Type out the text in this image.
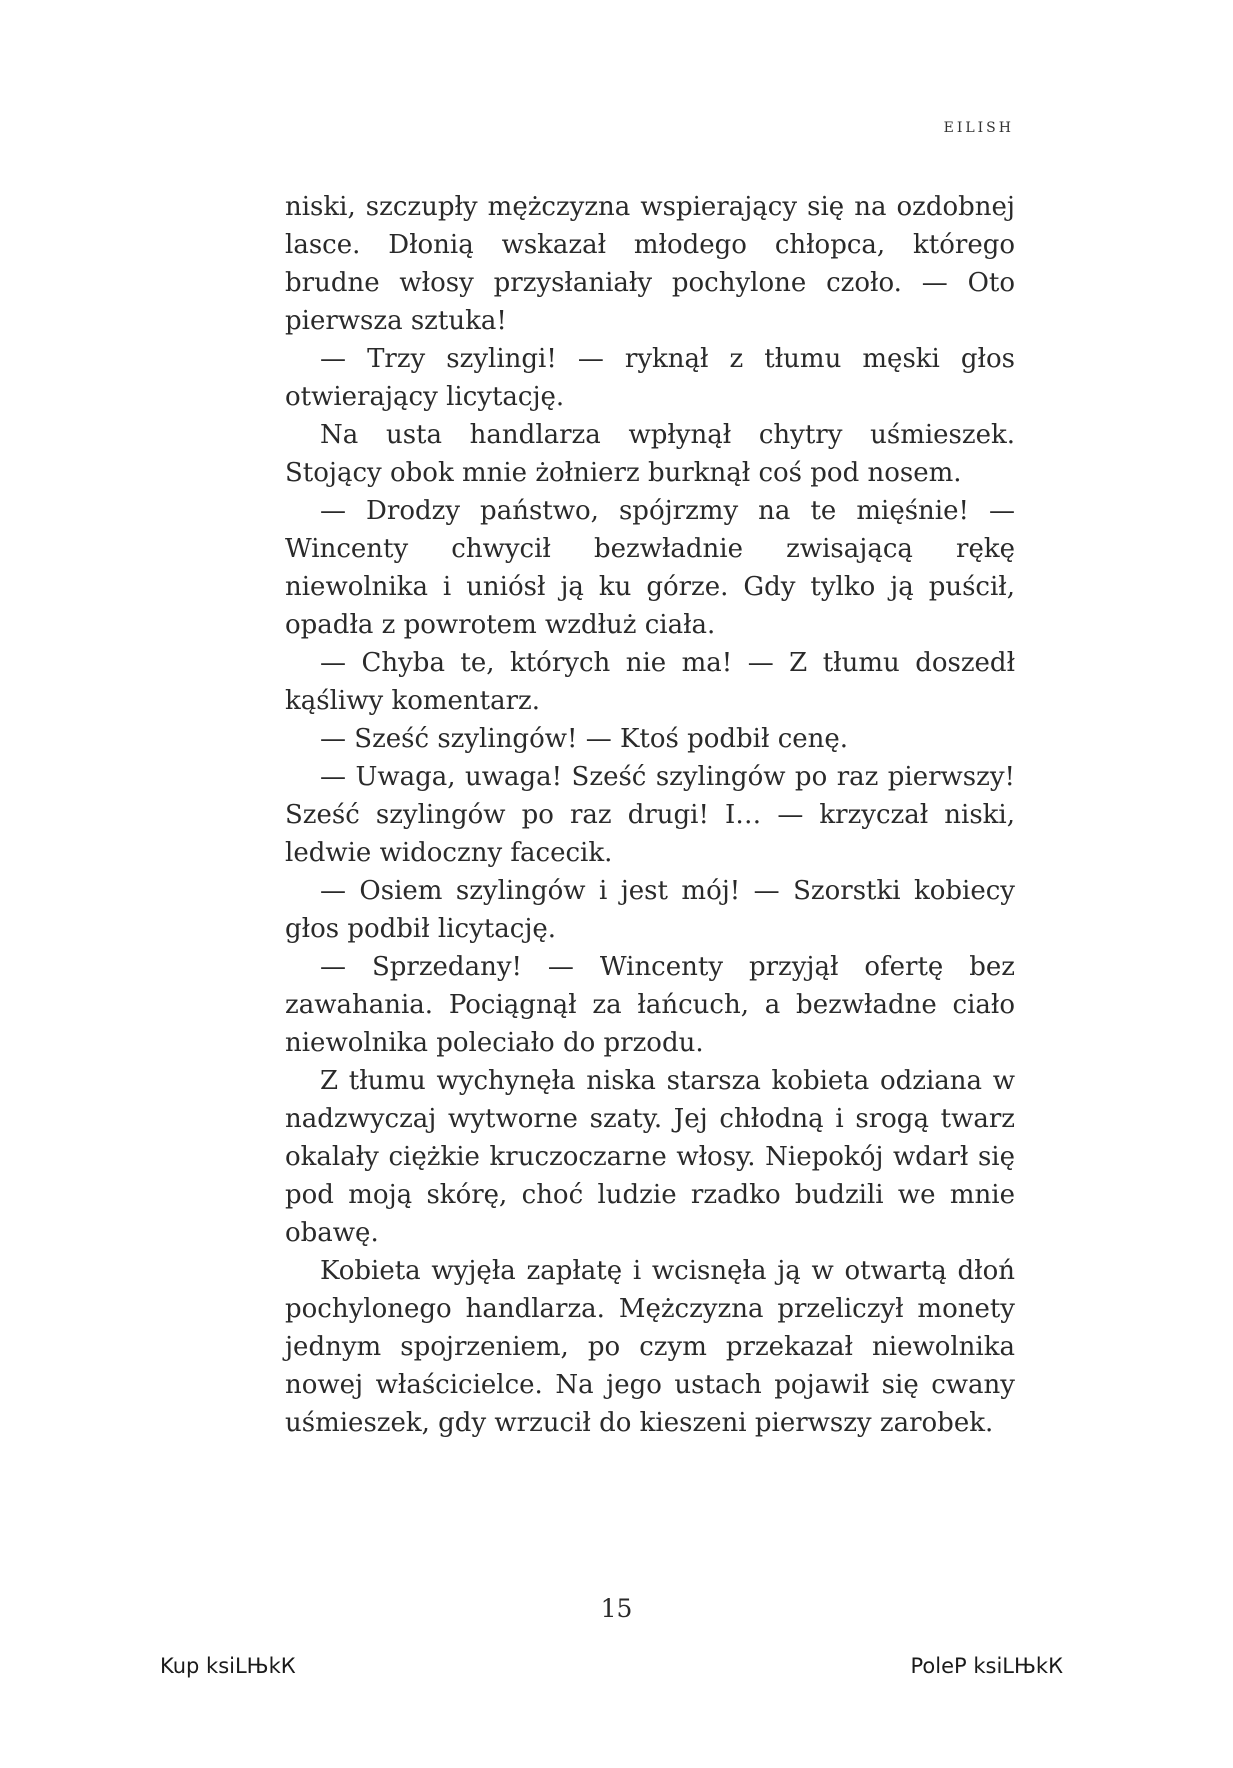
EILISH

niski, szczupły mężczyzna wspierający się na ozdobnej lasce. Dłonią wskazał młodego chłopca, którego brudne włosy przysłaniały pochylone czoło. — Oto pierwsza sztuka!

— Trzy szylingi! — ryknął z tłumu męski głos otwierający licytację.

Na usta handlarza wpłynął chytry uśmieszek. Stojący obok mnie żołnierz burknął coś pod nosem.

— Drodzy państwo, spójrzmy na te mięśnie! — Wincenty chwycił bezwładnie zwisającą rękę niewolnika i uniósł ją ku górze. Gdy tylko ją puścił, opadła z powrotem wzdłuż ciała.

— Chyba te, których nie ma! — Z tłumu doszedł kąśliwy komentarz.

— Sześć szylingów! — Ktoś podbił cenę.

— Uwaga, uwaga! Sześć szylingów po raz pierwszy! Sześć szylingów po raz drugi! I… — krzyczał niski, ledwie widoczny facecik.

— Osiem szylingów i jest mój! — Szorstki kobiecy głos podbił licytację.

— Sprzedany! — Wincenty przyjął ofertę bez zawahania. Pociągnął za łańcuch, a bezwładne ciało niewolnika poleciało do przodu.

Z tłumu wychynęła niska starsza kobieta odziana w nadzwyczaj wytworne szaty. Jej chłodną i srogą twarz okalały ciężkie kruczoczarne włosy. Niepokój wdarł się pod moją skórę, choć ludzie rzadko budzili we mnie obawę.

Kobieta wyjęła zapłatę i wcisnęła ją w otwartą dłoń pochylonego handlarza. Mężczyzna przeliczył monety jednym spojrzeniem, po czym przekazał niewolnika nowej właścicielce. Na jego ustach pojawił się cwany uśmieszek, gdy wrzucił do kieszeni pierwszy zarobek.

15
Kup ksiLЊkК	PoleР ksiLЊkК
